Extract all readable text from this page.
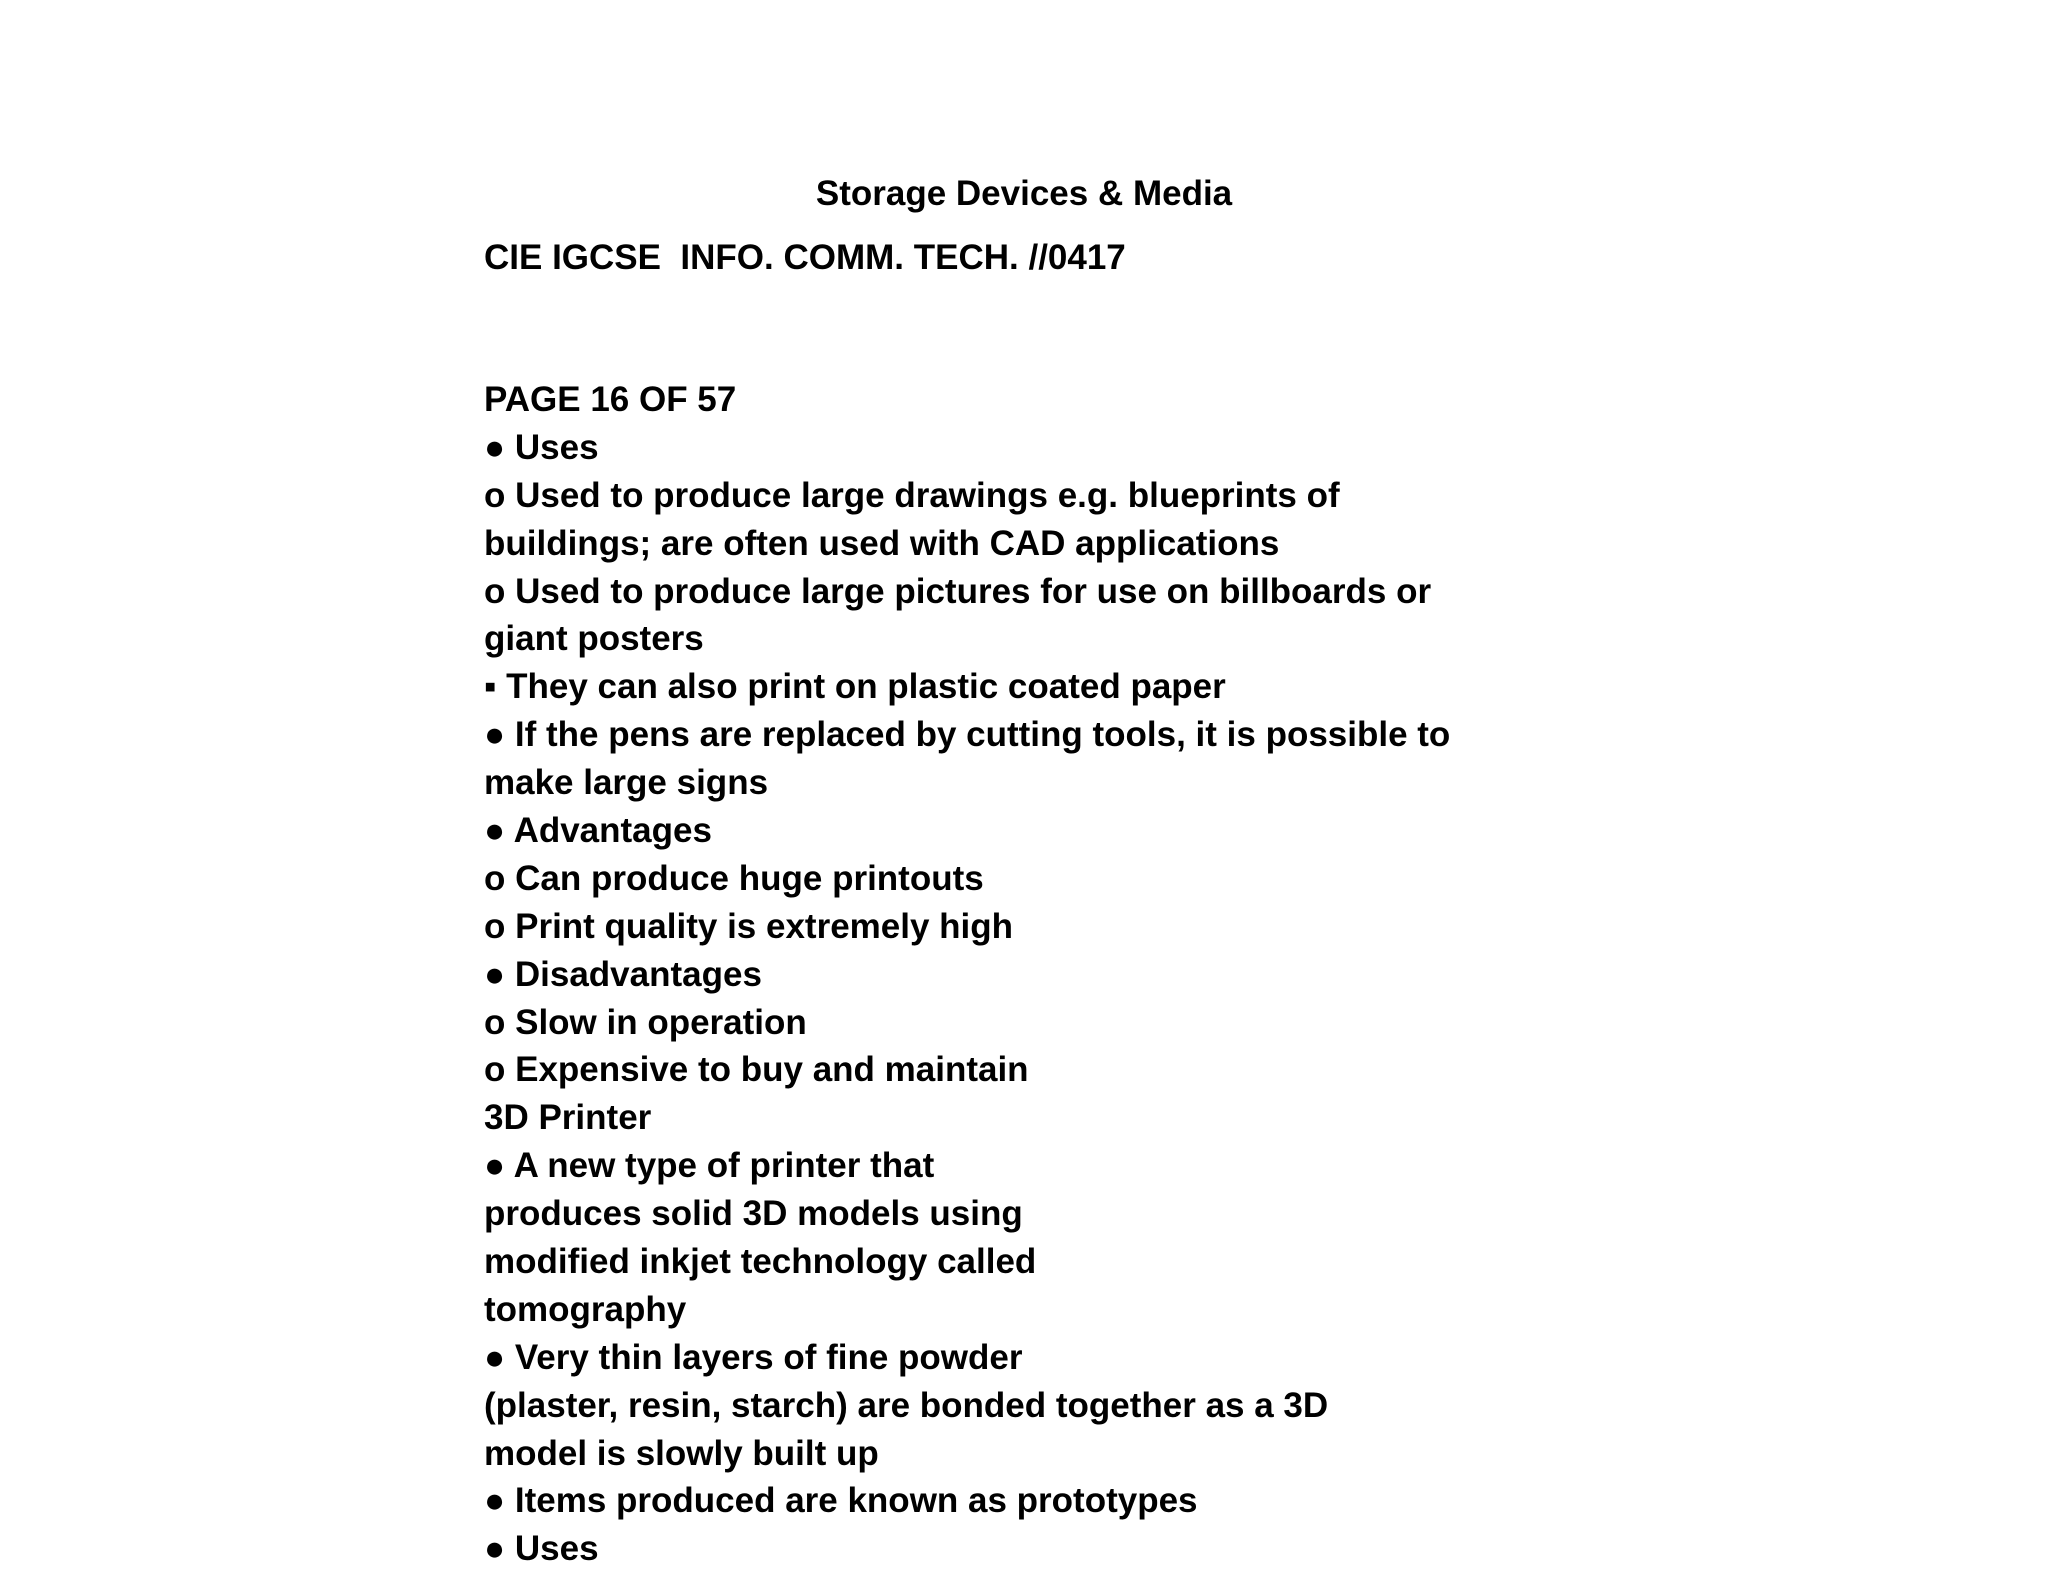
Storage Devices & Media
CIE IGCSE  INFO. COMM. TECH. //0417
PAGE 16 OF 57
● Uses
o Used to produce large drawings e.g. blueprints of
buildings; are often used with CAD applications
o Used to produce large pictures for use on billboards or
giant posters
▪ They can also print on plastic coated paper
● If the pens are replaced by cutting tools, it is possible to
make large signs
● Advantages
o Can produce huge printouts
o Print quality is extremely high
● Disadvantages
o Slow in operation
o Expensive to buy and maintain
3D Printer
● A new type of printer that
produces solid 3D models using
modified inkjet technology called
tomography
● Very thin layers of fine powder
(plaster, resin, starch) are bonded together as a 3D
model is slowly built up
● Items produced are known as prototypes
● Uses
